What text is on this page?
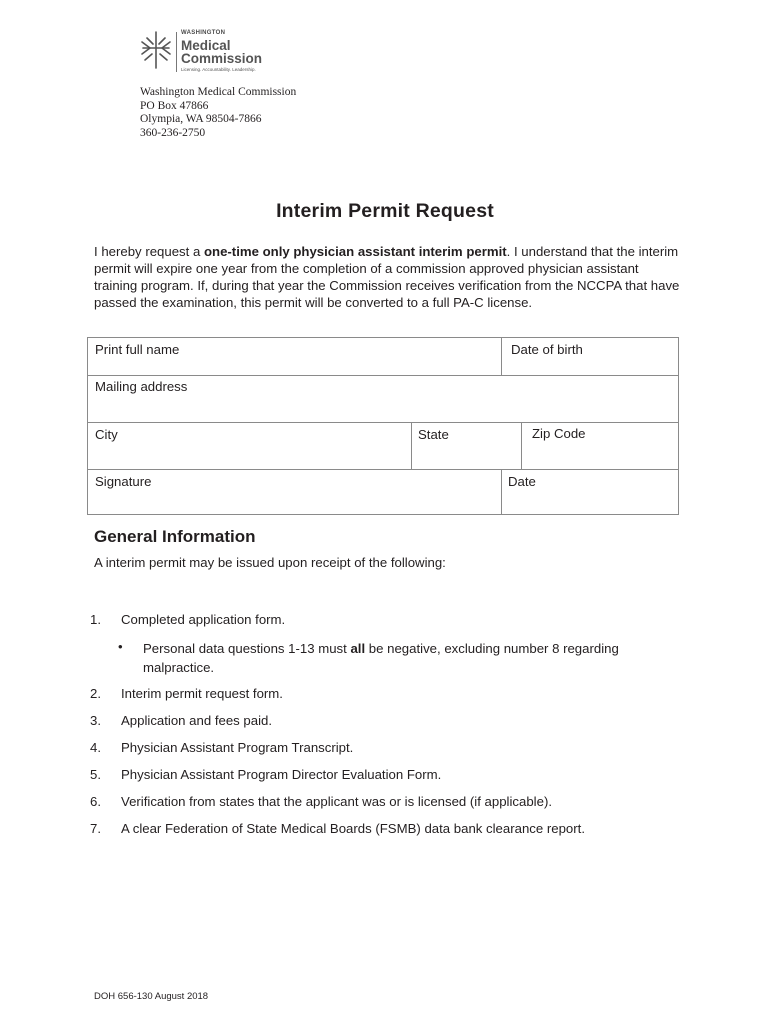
WASHINGTON
Medical
Commission
Licensing. Accountability. Leadership.
Washington Medical Commission
PO Box 47866
Olympia, WA 98504-7866
360-236-2750
Interim Permit Request
I hereby request a one-time only physician assistant interim permit. I understand that the interim permit will expire one year from the completion of a commission approved physician assistant training program. If, during that year the Commission receives verification from the NCCPA that have passed the examination, this permit will be converted to a full PA-C license.
Print full name	Date of birth
Mailing address
City	State	Zip Code
Signature	Date
General Information
A interim permit may be issued upon receipt of the following:
1. Completed application form.
• Personal data questions 1-13 must all be negative, excluding number 8 regarding malpractice.
2. Interim permit request form.
3. Application and fees paid.
4. Physician Assistant Program Transcript.
5. Physician Assistant Program Director Evaluation Form.
6. Verification from states that the applicant was or is licensed (if applicable).
7. A clear Federation of State Medical Boards (FSMB) data bank clearance report.
DOH 656-130 August 2018
